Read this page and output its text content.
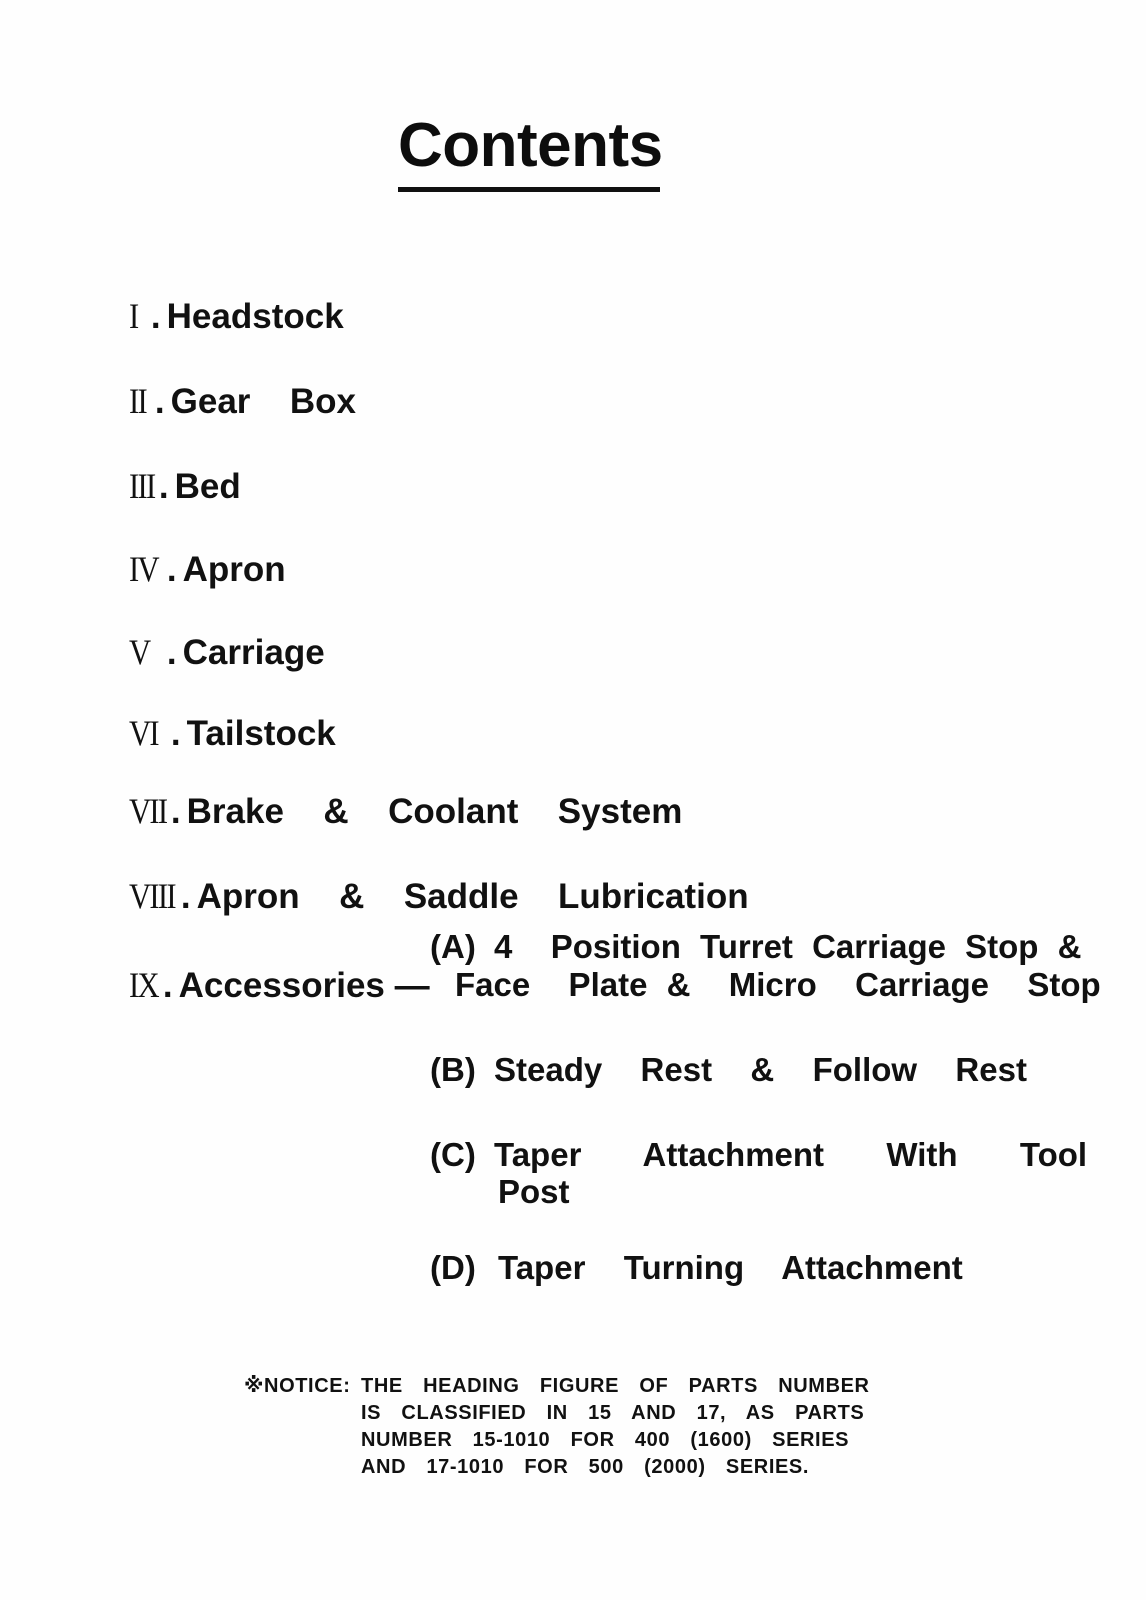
Contents

I . Headstock

II . Gear  Box

III . Bed

IV . Apron

V . Carriage

VI . Tailstock

VII . Brake  &  Coolant  System

VIII . Apron  &  Saddle  Lubrication

IX . Accessories —

(A) 4  Position Turret Carriage Stop &
Face  Plate &  Micro  Carriage  Stop
(B) Steady  Rest  &  Follow  Rest
(C) Taper  Attachment  With  Tool
Post
(D) Taper  Turning  Attachment
※NOTICE: THE  HEADING  FIGURE  OF  PARTS  NUMBER
IS  CLASSIFIED  IN  15  AND  17,  AS  PARTS
NUMBER  15-1010  FOR  400  (1600)  SERIES
AND  17-1010  FOR  500  (2000)  SERIES.
